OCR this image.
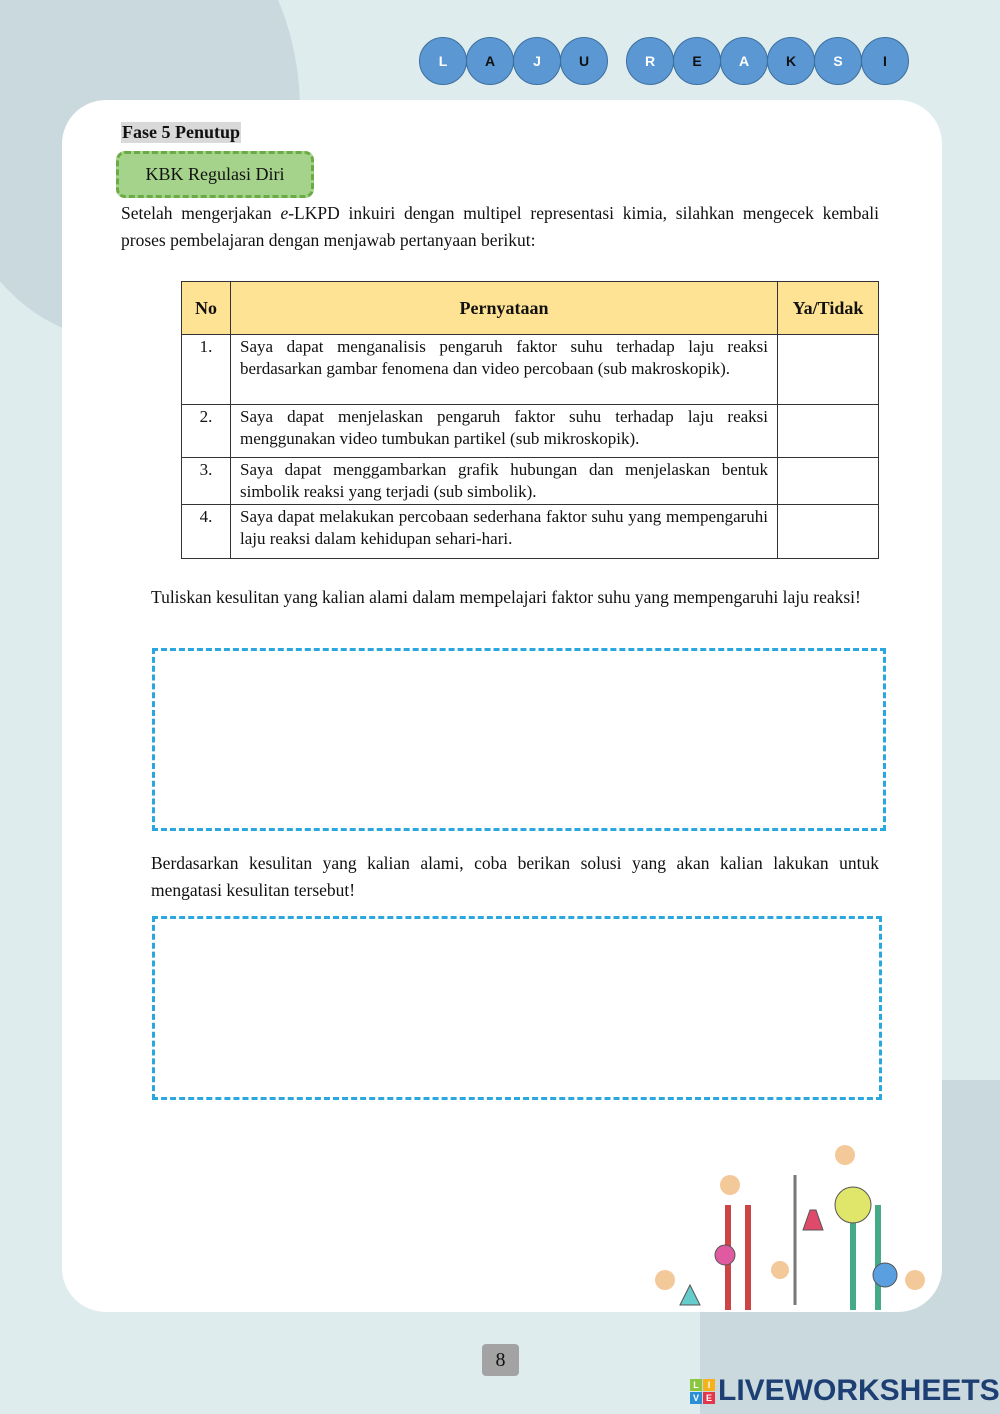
L	A	J	U	R	E	A	K	S	I
Fase 5 Penutup
KBK Regulasi Diri
Setelah mengerjakan e-LKPD inkuiri dengan multipel representasi kimia, silahkan mengecek kembali proses pembelajaran dengan menjawab pertanyaan berikut:
No	Pernyataan	Ya/Tidak
1.	Saya dapat menganalisis pengaruh faktor suhu terhadap laju reaksi berdasarkan gambar fenomena dan video percobaan (sub makroskopik).	
2.	Saya dapat menjelaskan pengaruh faktor suhu terhadap laju reaksi menggunakan video tumbukan partikel (sub mikroskopik).	
3.	Saya dapat menggambarkan grafik hubungan dan menjelaskan bentuk simbolik reaksi yang terjadi (sub simbolik).	
4.	Saya dapat melakukan percobaan sederhana faktor suhu yang mempengaruhi laju reaksi dalam kehidupan sehari-hari.	
Tuliskan kesulitan yang kalian alami dalam mempelajari faktor suhu yang mempengaruhi laju reaksi!
Berdasarkan kesulitan yang kalian alami, coba berikan solusi yang akan kalian lakukan untuk mengatasi kesulitan tersebut!
8
L I
V E LIVEWORKSHEETS
